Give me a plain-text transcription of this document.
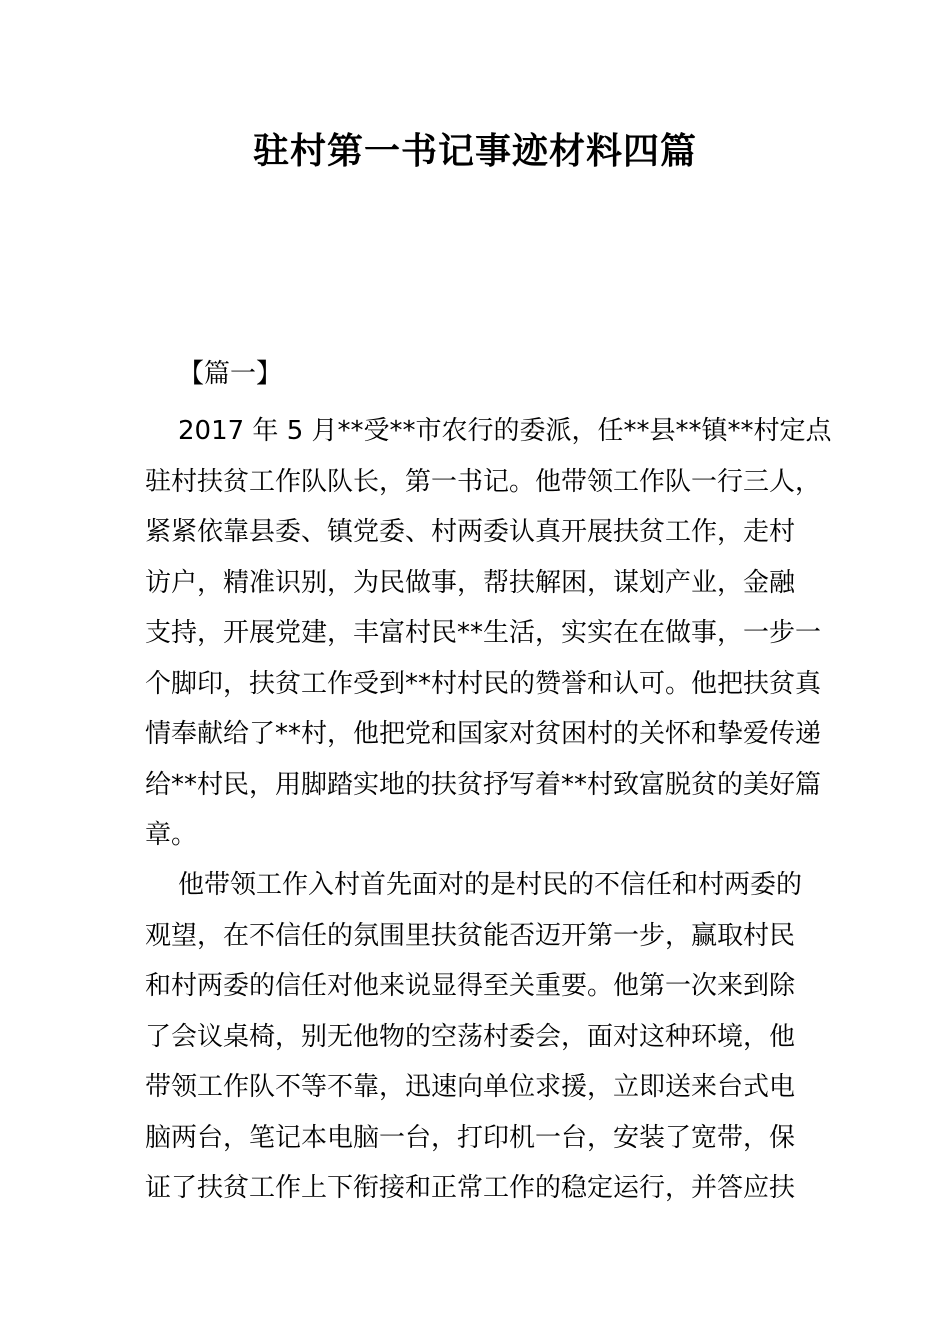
驻村第一书记事迹材料四篇

【篇一】

2017 年 5 月**受**市农行的委派，任**县**镇**村定点
驻村扶贫工作队队长，第一书记。他带领工作队一行三人，
紧紧依靠县委、镇党委、村两委认真开展扶贫工作，走村
访户，精准识别，为民做事，帮扶解困，谋划产业，金融
支持，开展党建，丰富村民**生活，实实在在做事，一步一
个脚印，扶贫工作受到**村村民的赞誉和认可。他把扶贫真
情奉献给了**村，他把党和国家对贫困村的关怀和挚爱传递
给**村民，用脚踏实地的扶贫抒写着**村致富脱贫的美好篇
章。
他带领工作入村首先面对的是村民的不信任和村两委的
观望，在不信任的氛围里扶贫能否迈开第一步，赢取村民
和村两委的信任对他来说显得至关重要。他第一次来到除
了会议桌椅，别无他物的空荡村委会，面对这种环境，他
带领工作队不等不靠，迅速向单位求援，立即送来台式电
脑两台，笔记本电脑一台，打印机一台，安装了宽带，保
证了扶贫工作上下衔接和正常工作的稳定运行，并答应扶
